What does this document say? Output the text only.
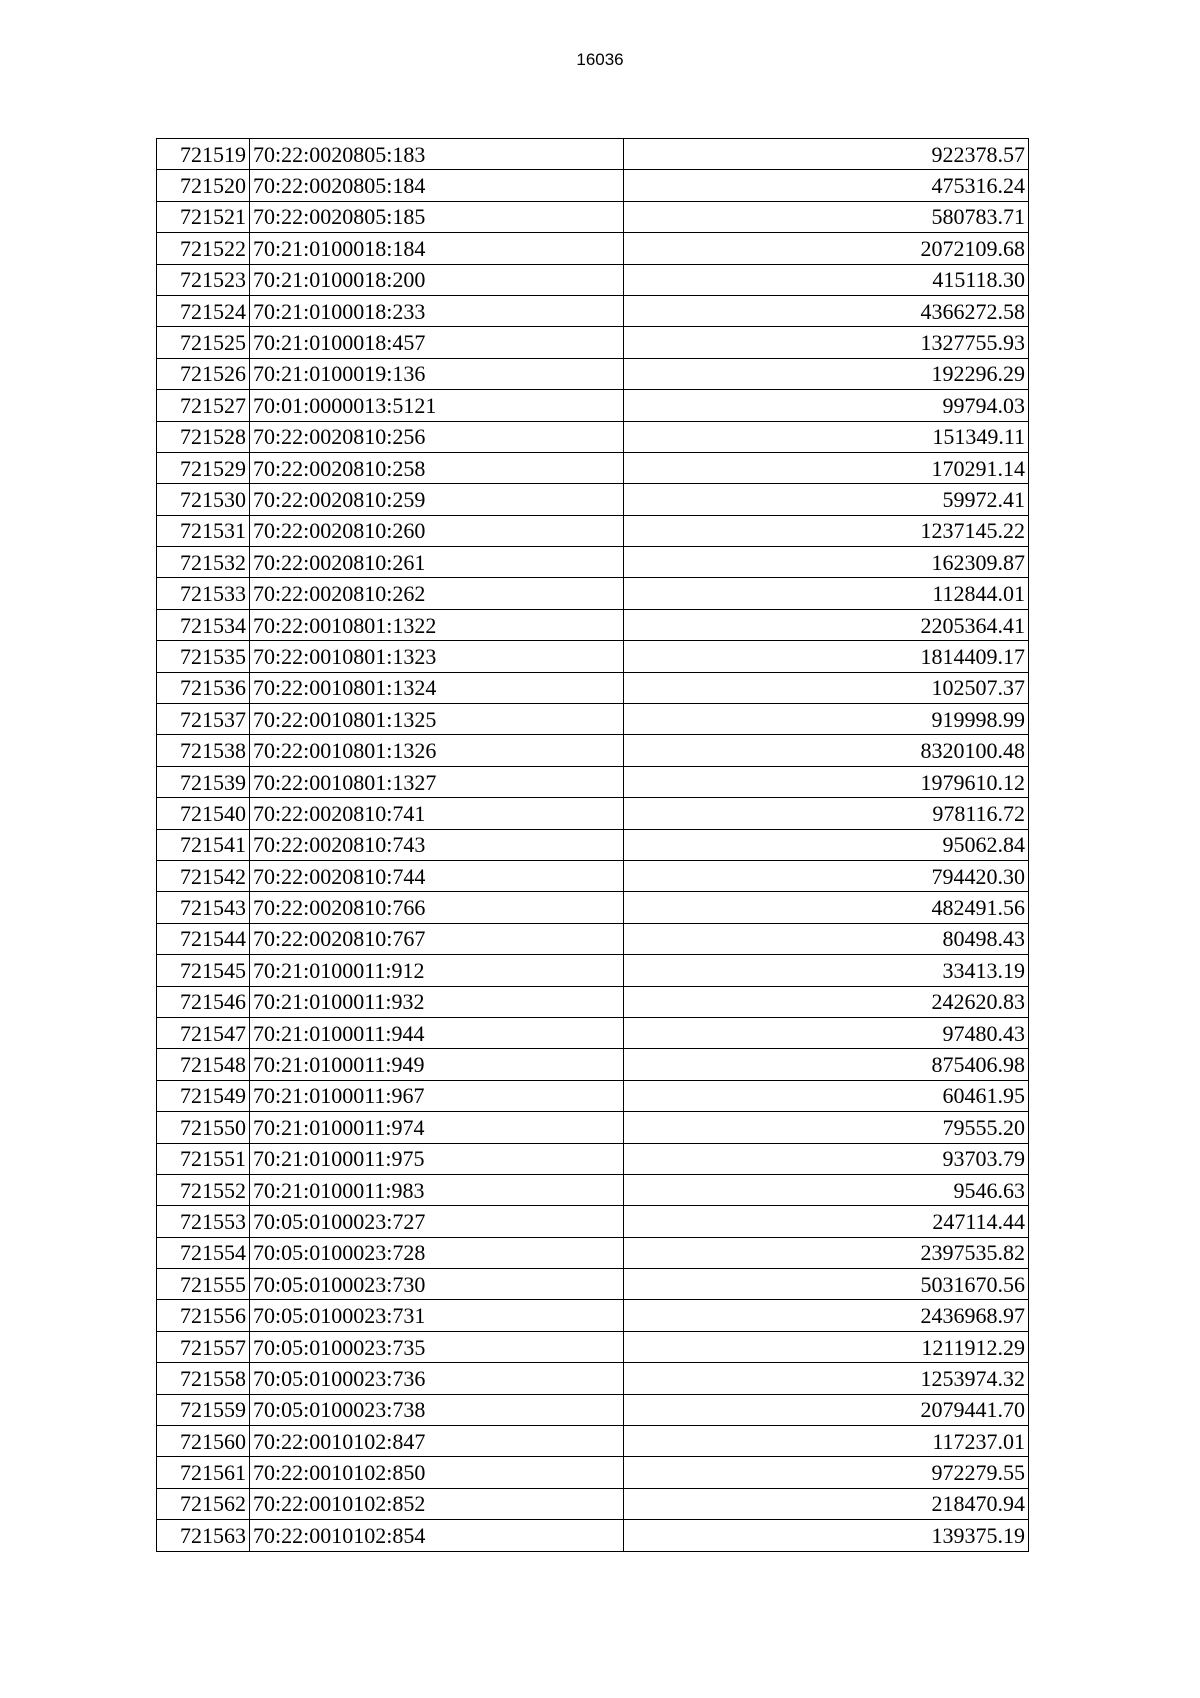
16036
721519	70:22:0020805:183	922378.57
721520	70:22:0020805:184	475316.24
721521	70:22:0020805:185	580783.71
721522	70:21:0100018:184	2072109.68
721523	70:21:0100018:200	415118.30
721524	70:21:0100018:233	4366272.58
721525	70:21:0100018:457	1327755.93
721526	70:21:0100019:136	192296.29
721527	70:01:0000013:5121	99794.03
721528	70:22:0020810:256	151349.11
721529	70:22:0020810:258	170291.14
721530	70:22:0020810:259	59972.41
721531	70:22:0020810:260	1237145.22
721532	70:22:0020810:261	162309.87
721533	70:22:0020810:262	112844.01
721534	70:22:0010801:1322	2205364.41
721535	70:22:0010801:1323	1814409.17
721536	70:22:0010801:1324	102507.37
721537	70:22:0010801:1325	919998.99
721538	70:22:0010801:1326	8320100.48
721539	70:22:0010801:1327	1979610.12
721540	70:22:0020810:741	978116.72
721541	70:22:0020810:743	95062.84
721542	70:22:0020810:744	794420.30
721543	70:22:0020810:766	482491.56
721544	70:22:0020810:767	80498.43
721545	70:21:0100011:912	33413.19
721546	70:21:0100011:932	242620.83
721547	70:21:0100011:944	97480.43
721548	70:21:0100011:949	875406.98
721549	70:21:0100011:967	60461.95
721550	70:21:0100011:974	79555.20
721551	70:21:0100011:975	93703.79
721552	70:21:0100011:983	9546.63
721553	70:05:0100023:727	247114.44
721554	70:05:0100023:728	2397535.82
721555	70:05:0100023:730	5031670.56
721556	70:05:0100023:731	2436968.97
721557	70:05:0100023:735	1211912.29
721558	70:05:0100023:736	1253974.32
721559	70:05:0100023:738	2079441.70
721560	70:22:0010102:847	117237.01
721561	70:22:0010102:850	972279.55
721562	70:22:0010102:852	218470.94
721563	70:22:0010102:854	139375.19
